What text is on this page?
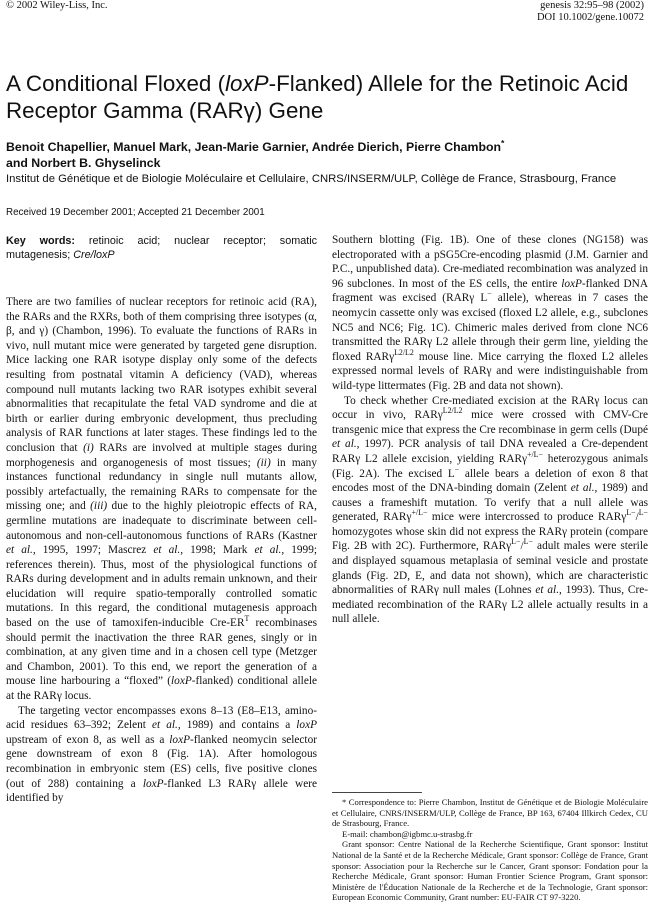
© 2002 Wiley-Liss, Inc.	genesis 32:95–98 (2002)
DOI 10.1002/gene.10072
A Conditional Floxed (loxP-Flanked) Allele for the Retinoic Acid Receptor Gamma (RARγ) Gene
Benoit Chapellier, Manuel Mark, Jean-Marie Garnier, Andrée Dierich, Pierre Chambon*
and Norbert B. Ghyselinck
Institut de Génétique et de Biologie Moléculaire et Cellulaire, CNRS/INSERM/ULP, Collège de France, Strasbourg, France
Received 19 December 2001; Accepted 21 December 2001
Key words: retinoic acid; nuclear receptor; somatic mutagenesis; Cre/loxP

There are two families of nuclear receptors for retinoic acid (RA), the RARs and the RXRs, both of them comprising three isotypes (α, β, and γ) (Chambon, 1996). To evaluate the functions of RARs in vivo, null mutant mice were generated by targeted gene disruption. Mice lacking one RAR isotype display only some of the defects resulting from postnatal vitamin A deficiency (VAD), whereas compound null mutants lacking two RAR isotypes exhibit several abnormalities that recapitulate the fetal VAD syndrome and die at birth or earlier during embryonic development, thus precluding analysis of RAR functions at later stages. These findings led to the conclusion that (i) RARs are involved at multiple stages during morphogenesis and organogenesis of most tissues; (ii) in many instances functional redundancy in single null mutants allow, possibly artefactually, the remaining RARs to compensate for the missing one; and (iii) due to the highly pleiotropic effects of RA, germline mutations are inadequate to discriminate between cell-autonomous and non-cell-autonomous functions of RARs (Kastner et al., 1995, 1997; Mascrez et al., 1998; Mark et al., 1999; references therein). Thus, most of the physiological functions of RARs during development and in adults remain unknown, and their elucidation will require spatio-temporally controlled somatic mutations. In this regard, the conditional mutagenesis approach based on the use of tamoxifen-inducible Cre-$ER^T$ recombinases should permit the inactivation the three RAR genes, singly or in combination, at any given time and in a chosen cell type (Metzger and Chambon, 2001). To this end, we report the generation of a mouse line harbouring a “floxed” (loxP-flanked) conditional allele at the RARγ locus.

The targeting vector encompasses exons 8–13 (E8–E13, amino-acid residues 63–392; Zelent et al., 1989) and contains a loxP upstream of exon 8, as well as a loxP-flanked neomycin selector gene downstream of exon 8 (Fig. 1A). After homologous recombination in embryonic stem (ES) cells, five positive clones (out of 288) containing a loxP-flanked L3 RARγ allele were identified by

Southern blotting (Fig. 1B). One of these clones (NG158) was electroporated with a pSG5Cre-encoding plasmid (J.M. Garnier and P.C., unpublished data). Cre-mediated recombination was analyzed in 96 subclones. In most of the ES cells, the entire loxP-flanked DNA fragment was excised (RARγ L− allele), whereas in 7 cases the neomycin cassette only was excised (floxed L2 allele, e.g., subclones NC5 and NC6; Fig. 1C). Chimeric males derived from clone NC6 transmitted the RARγ L2 allele through their germ line, yielding the floxed RARγ$^{L2/L2}$ mouse line. Mice carrying the floxed L2 alleles expressed normal levels of RARγ and were indistinguishable from wild-type littermates (Fig. 2B and data not shown).

To check whether Cre-mediated excision at the RARγ locus can occur in vivo, RARγ$^{L2/L2}$ mice were crossed with CMV-Cre transgenic mice that express the Cre recombinase in germ cells (Dupé et al., 1997). PCR analysis of tail DNA revealed a Cre-dependent RARγ L2 allele excision, yielding RARγ$^{+/L-}$ heterozygous animals (Fig. 2A). The excised L− allele bears a deletion of exon 8 that encodes most of the DNA-binding domain (Zelent et al., 1989) and causes a frameshift mutation. To verify that a null allele was generated, RARγ$^{+/L-}$ mice were intercrossed to produce RARγ$^{L-}$/$^{L-}$ homozygotes whose skin did not express the RARγ protein (compare Fig. 2B with 2C). Furthermore, RARγ$^{L-}$/$^{L-}$ adult males were sterile and displayed squamous metaplasia of seminal vesicle and prostate glands (Fig. 2D, E, and data not shown), which are characteristic abnormalities of RARγ null males (Lohnes et al., 1993). Thus, Cre-mediated recombination of the RARγ L2 allele actually results in a null allele.

* Correspondence to: Pierre Chambon, Institut de Génétique et de Biologie Moléculaire et Cellulaire, CNRS/INSERM/ULP, Collège de France, BP 163, 67404 Illkirch Cedex, CU de Strasbourg, France.

E-mail: chambon@igbmc.u-strasbg.fr

Grant sponsor: Centre National de la Recherche Scientifique, Grant sponsor: Institut National de la Santé et de la Recherche Médicale, Grant sponsor: Collège de France, Grant sponsor: Association pour la Recherche sur le Cancer, Grant sponsor: Fondation pour la Recherche Médicale, Grant sponsor: Human Frontier Science Program, Grant sponsor: Ministère de l'Éducation Nationale de la Recherche et de la Technologie, Grant sponsor: European Economic Community, Grant number: EU-FAIR CT 97-3220.
